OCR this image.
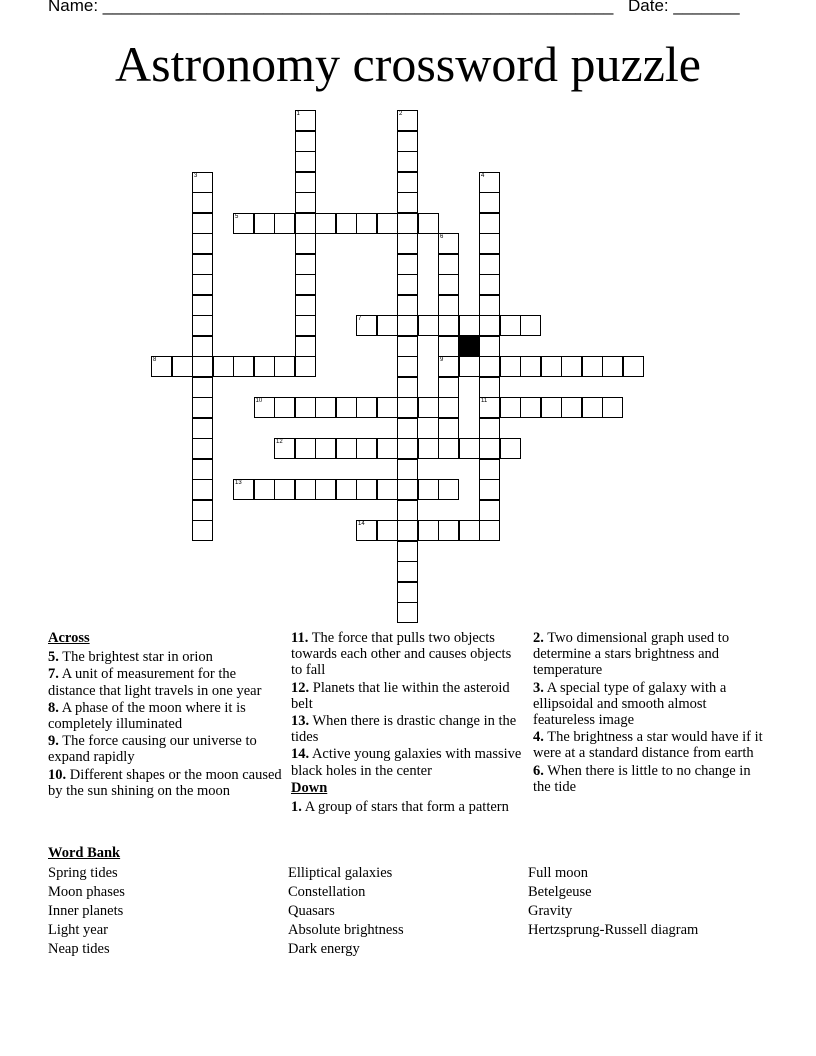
Name: ______________________________________________________ Date: _______
Astronomy crossword puzzle
5
7
8	9
10	11
12
13
14
1	2
3	4
6
Across
5. The brightest star in orion
7. A unit of measurement for the distance that light travels in one year
8. A phase of the moon where it is completely illuminated
9. The force causing our universe to expand rapidly
10. Different shapes or the moon caused by the sun shining on the moon
11. The force that pulls two objects towards each other and causes objects to fall
12. Planets that lie within the asteroid belt
13. When there is drastic change in the tides
14. Active young galaxies with massive black holes in the center
Down
1. A group of stars that form a pattern
2. Two dimensional graph used to determine a stars brightness and temperature
3. A special type of galaxy with a ellipsoidal and smooth almost featureless image
4. The brightness a star would have if it were at a standard distance from earth
6. When there is little to no change in the tide
Word Bank
Spring tides
Moon phases
Inner planets
Light year
Neap tides
Elliptical galaxies
Constellation
Quasars
Absolute brightness
Dark energy
Full moon
Betelgeuse
Gravity
Hertzsprung-Russell diagram
